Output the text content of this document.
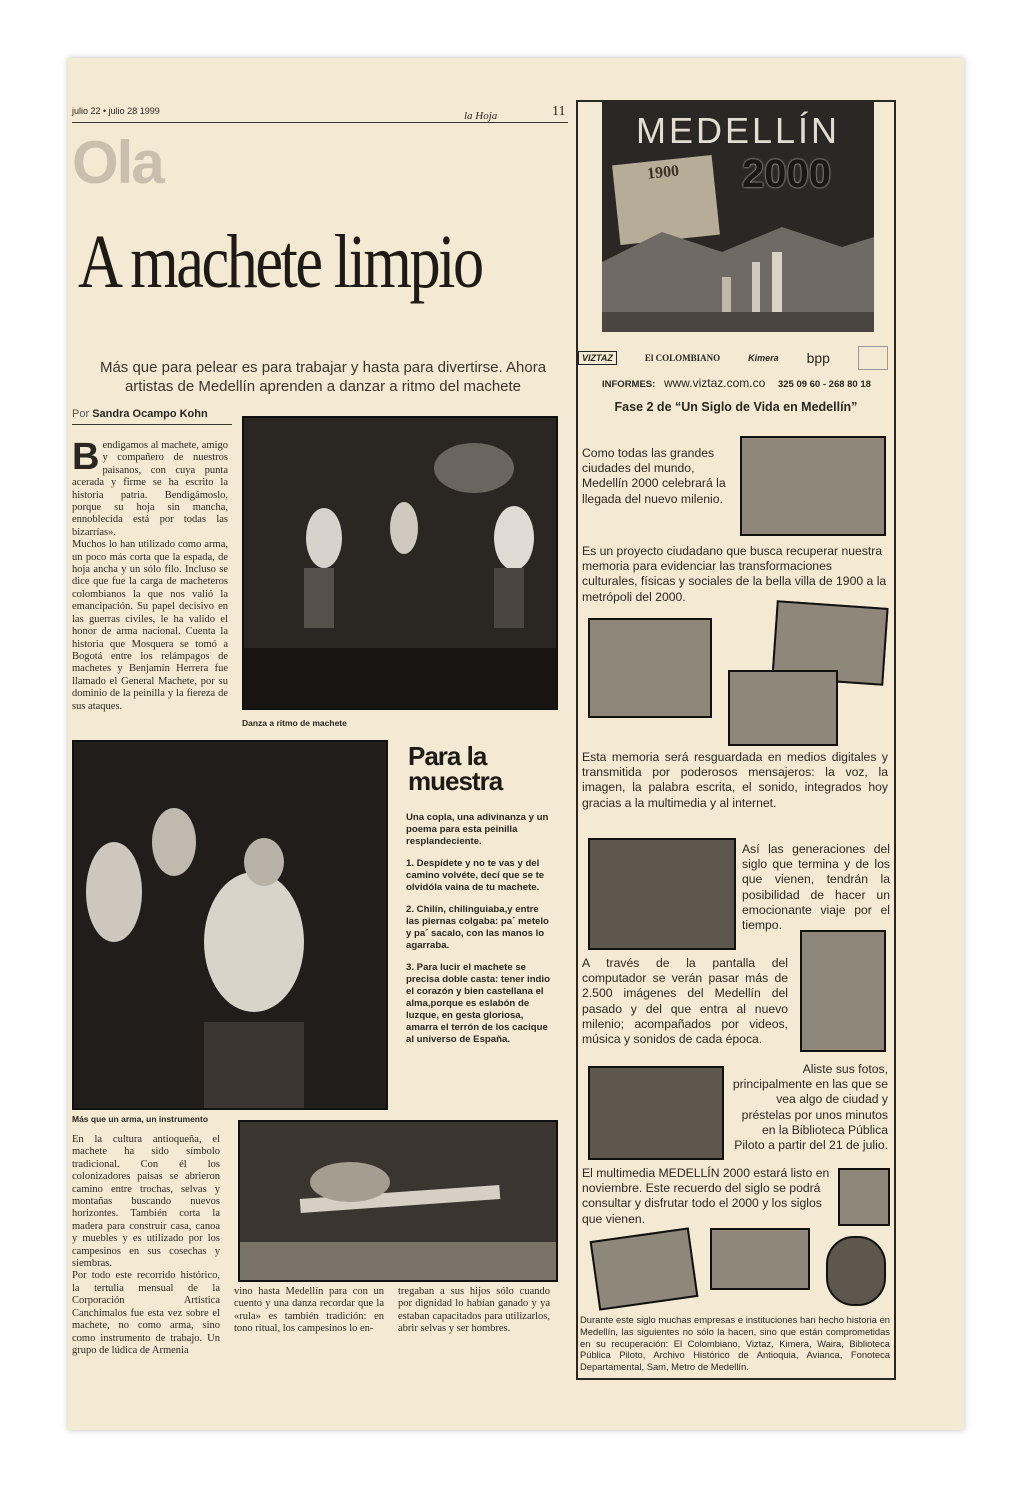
julio 22 • julio 28 1999	la Hoja	11
Ola
A machete limpio
Más que para pelear es para trabajar y hasta para divertirse. Ahora artistas de Medellín aprenden a danzar a ritmo del machete
Por Sandra Ocampo Kohn
B endigamos al machete, amigo y compañero de nuestros paisanos, con cuya punta acerada y firme se ha escrito la historia patria. Bendigámoslo, porque su hoja sin mancha, ennoblecida está por todas las bizarrías».
Muchos lo han utilizado como arma, un poco más corta que la espada, de hoja ancha y un sólo filo. Incluso se dice que fue la carga de macheteros colombianos la que nos valió la emancipación. Su papel decisivo en las guerras civiles, le ha valido el honor de arma nacional. Cuenta la historia que Mosquera se tomó a Bogotá entre los relámpagos de machetes y Benjamín Herrera fue llamado el General Machete, por su dominio de la peinilla y la fiereza de sus ataques.
Danza a ritmo de machete
Más que un arma, un instrumento
Para la muestra
Una copla, una adivinanza y un poema para esta peinilla resplandeciente.
1. Despídete y no te vas y del camino volvéte, decí que se te olvidóla vaina de tu machete.
2. Chilín, chilinguiaba,y entre las piernas colgaba: pa´ metelo y pa´ sacalo, con las manos lo agarraba.
3. Para lucir el machete se precisa doble casta: tener indio el corazón y bien castellana el alma,porque es eslabón de luzque, en gesta gloriosa, amarra el terrón de los cacique al universo de España.
En la cultura antioqueña, el machete ha sido símbolo tradicional. Con él los colonizadores paisas se abrieron camino entre trochas, selvas y montañas buscando nuevos horizontes. También corta la madera para construir casa, canoa y muebles y es utilizado por los campesinos en sus cosechas y siembras.
Por todo este recorrido histórico, la tertulia mensual de la Corporación Artística Canchimalos fue esta vez sobre el machete, no como arma, sino como instrumento de trabajo. Un grupo de lúdica de Armenia
vino hasta Medellín para con un cuento y una danza recordar que la «rula» es también tradición: en tono ritual, los campesinos lo en-
tregaban a sus hijos sólo cuando por dignidad lo habían ganado y ya estaban capacitados para utilizarlos, abrir selvas y ser hombres.
MEDELLÍN
1900	2000
VIZTAZ	El COLOMBIANO	Kimera bpp
INFORMES: www.viztaz.com.co 325 09 60 - 268 80 18
Fase 2 de “Un Siglo de Vida en Medellín”
Como todas las grandes ciudades del mundo, Medellín 2000 celebrará la llegada del nuevo milenio.
Es un proyecto ciudadano que busca recuperar nuestra memoria para evidenciar las transformaciones culturales, físicas y sociales de la bella villa de 1900 a la metrópoli del 2000.
Esta memoria será resguardada en medios digitales y transmitida por poderosos mensajeros: la voz, la imagen, la palabra escrita, el sonido, integrados hoy gracias a la multimedia y al internet.
Así las generaciones del siglo que termina y de los que vienen, tendrán la posibilidad de hacer un emocionante viaje por el tiempo.
A través de la pantalla del computador se verán pasar más de 2.500 imágenes del Medellín del pasado y del que entra al nuevo milenio; acompañados por videos, música y sonidos de cada época.
Aliste sus fotos, principalmente en las que se vea algo de ciudad y préstelas por unos minutos en la Biblioteca Pública Piloto a partir del 21 de julio.
El multimedia MEDELLÍN 2000 estará listo en noviembre. Este recuerdo del siglo se podrá consultar y disfrutar todo el 2000 y los siglos que vienen.
Durante este siglo muchas empresas e instituciones han hecho historia en Medellín, las siguientes no sólo la hacen, sino que están comprometidas en su recuperación: El Colombiano, Viztaz, Kimera, Waira, Biblioteca Pública Piloto, Archivo Histórico de Antioquia, Avianca, Fonoteca Departamental, Sam, Metro de Medellín.
